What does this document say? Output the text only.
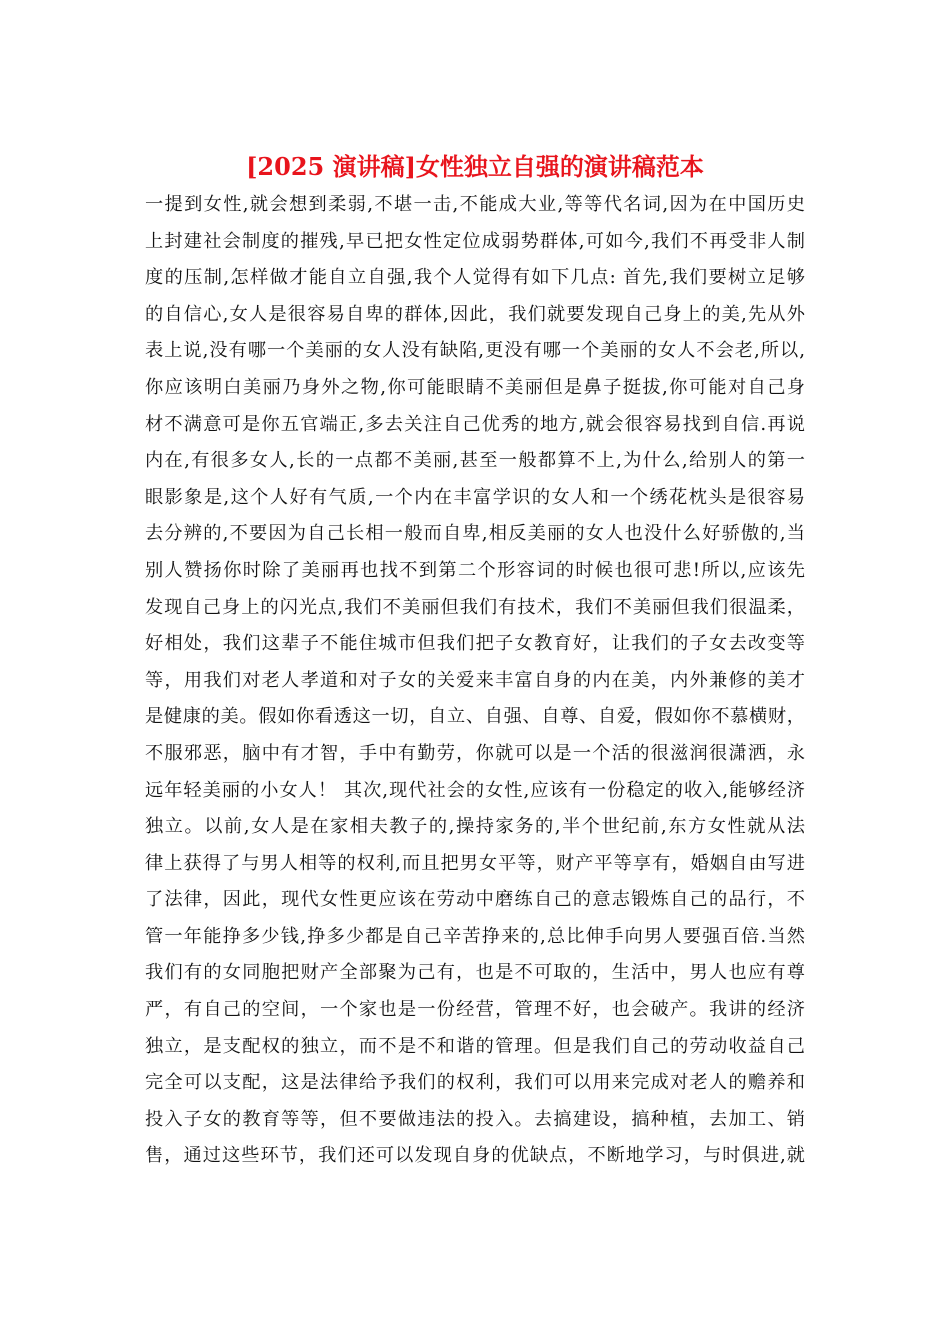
[2025 演讲稿]女性独立自强的演讲稿范本
一提到女性,就会想到柔弱,不堪一击,不能成大业,等等代名词,因为在中国历史
上封建社会制度的摧残,早已把女性定位成弱势群体,可如今,我们不再受非人制
度的压制,怎样做才能自立自强,我个人觉得有如下几点: 首先,我们要树立足够
的自信心,女人是很容易自卑的群体,因此，我们就要发现自己身上的美,先从外
表上说,没有哪一个美丽的女人没有缺陷,更没有哪一个美丽的女人不会老,所以,
你应该明白美丽乃身外之物,你可能眼睛不美丽但是鼻子挺拔,你可能对自己身
材不满意可是你五官端正,多去关注自己优秀的地方,就会很容易找到自信.再说
内在,有很多女人,长的一点都不美丽,甚至一般都算不上,为什么,给别人的第一
眼影象是,这个人好有气质,一个内在丰富学识的女人和一个绣花枕头是很容易
去分辨的,不要因为自己长相一般而自卑,相反美丽的女人也没什么好骄傲的,当
别人赞扬你时除了美丽再也找不到第二个形容词的时候也很可悲!所以,应该先
发现自己身上的闪光点,我们不美丽但我们有技术，我们不美丽但我们很温柔，
好相处，我们这辈子不能住城市但我们把子女教育好，让我们的子女去改变等
等，用我们对老人孝道和对子女的关爱来丰富自身的内在美，内外兼修的美才
是健康的美。假如你看透这一切，自立、自强、自尊、自爱，假如你不慕横财，
不服邪恶，脑中有才智，手中有勤劳，你就可以是一个活的很滋润很潇洒，永
远年轻美丽的小女人！ 其次,现代社会的女性,应该有一份稳定的收入,能够经济
独立。以前,女人是在家相夫教子的,操持家务的,半个世纪前,东方女性就从法
律上获得了与男人相等的权利,而且把男女平等，财产平等享有，婚姻自由写进
了法律，因此，现代女性更应该在劳动中磨练自己的意志锻炼自己的品行，不
管一年能挣多少钱,挣多少都是自己辛苦挣来的,总比伸手向男人要强百倍.当然
我们有的女同胞把财产全部聚为己有，也是不可取的，生活中，男人也应有尊
严，有自己的空间，一个家也是一份经营，管理不好，也会破产。我讲的经济
独立，是支配权的独立，而不是不和谐的管理。但是我们自己的劳动收益自己
完全可以支配，这是法律给予我们的权利，我们可以用来完成对老人的赡养和
投入子女的教育等等，但不要做违法的投入。去搞建设，搞种植，去加工、销
售，通过这些环节，我们还可以发现自身的优缺点，不断地学习，与时俱进,就
